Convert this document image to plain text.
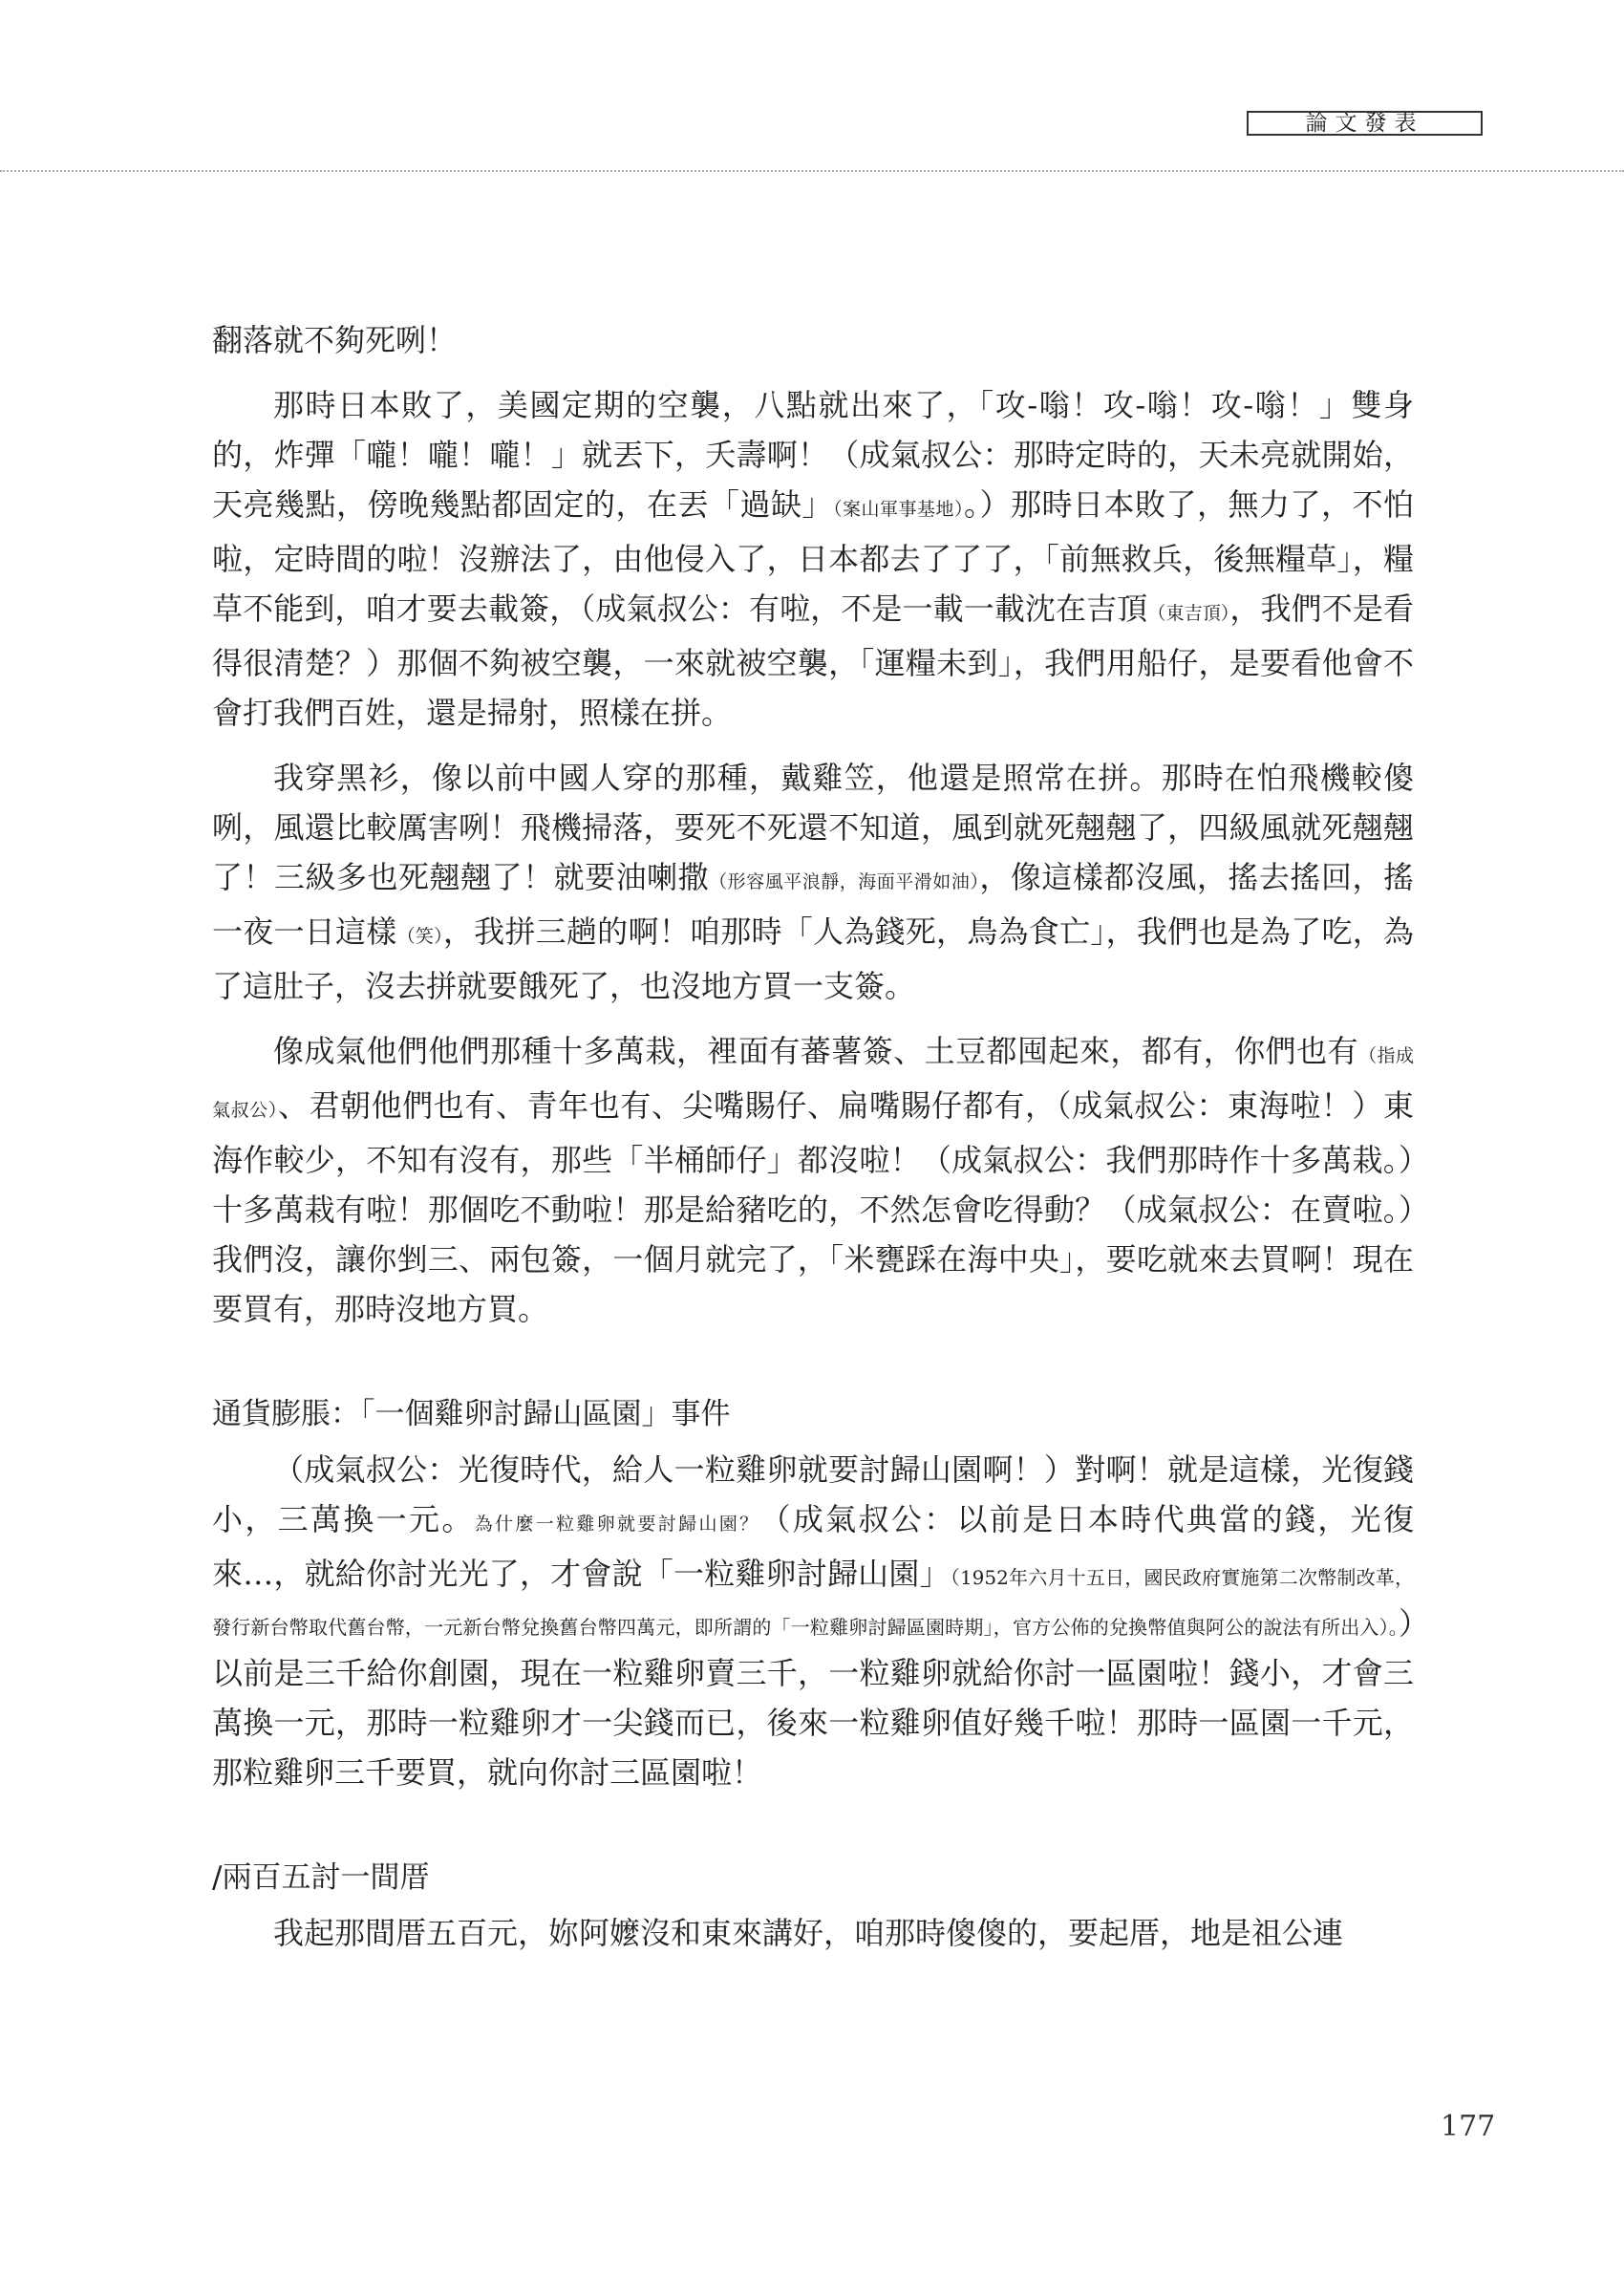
論文發表

翻落就不夠死咧！

那時日本敗了，美國定期的空襲，八點就出來了，「攻-嗡！攻-嗡！攻-嗡！」雙身的，炸彈「嚨！嚨！嚨！」就丟下，夭壽啊！（成氣叔公：那時定時的，天未亮就開始，天亮幾點，傍晚幾點都固定的，在丟「過缺」（案山軍事基地）。）那時日本敗了，無力了，不怕啦，定時間的啦！沒辦法了，由他侵入了，日本都去了了了，「前無救兵，後無糧草」，糧草不能到，咱才要去載簽，（成氣叔公：有啦，不是一載一載沈在吉頂（東吉頂），我們不是看得很清楚？）那個不夠被空襲，一來就被空襲，「運糧未到」，我們用船仔，是要看他會不會打我們百姓，還是掃射，照樣在拼。

我穿黑衫，像以前中國人穿的那種，戴雞笠，他還是照常在拼。那時在怕飛機較傻咧，風還比較厲害咧！飛機掃落，要死不死還不知道，風到就死翹翹了，四級風就死翹翹了！三級多也死翹翹了！就要油喇撒（形容風平浪靜，海面平滑如油），像這樣都沒風，搖去搖回，搖一夜一日這樣（笑），我拼三趟的啊！咱那時「人為錢死，鳥為食亡」，我們也是為了吃，為了這肚子，沒去拼就要餓死了，也沒地方買一支簽。

像成氣他們他們那種十多萬栽，裡面有蕃薯簽、土豆都囤起來，都有，你們也有（指成氣叔公）、君朝他們也有、青年也有、尖嘴賜仔、扁嘴賜仔都有，（成氣叔公：東海啦！）東海作較少，不知有沒有，那些「半桶師仔」都沒啦！（成氣叔公：我們那時作十多萬栽。）十多萬栽有啦！那個吃不動啦！那是給豬吃的，不然怎會吃得動？（成氣叔公：在賣啦。）我們沒，讓你剉三、兩包簽，一個月就完了，「米甕踩在海中央」，要吃就來去買啊！現在要買有，那時沒地方買。

通貨膨脹：「一個雞卵討歸山區園」事件

（成氣叔公：光復時代，給人一粒雞卵就要討歸山園啊！）對啊！就是這樣，光復錢小，三萬換一元。為什麼一粒雞卵就要討歸山園？（成氣叔公：以前是日本時代典當的錢，光復來…，就給你討光光了，才會說「一粒雞卵討歸山園」（1952年六月十五日，國民政府實施第二次幣制改革，發行新台幣取代舊台幣，一元新台幣兌換舊台幣四萬元，即所謂的「一粒雞卵討歸區園時期」，官方公佈的兌換幣值與阿公的說法有所出入）。）以前是三千給你創園，現在一粒雞卵賣三千，一粒雞卵就給你討一區園啦！錢小，才會三萬換一元，那時一粒雞卵才一尖錢而已，後來一粒雞卵值好幾千啦！那時一區園一千元，那粒雞卵三千要買，就向你討三區園啦！

/兩百五討一間厝

我起那間厝五百元，妳阿嬤沒和東來講好，咱那時傻傻的，要起厝，地是祖公連

177
